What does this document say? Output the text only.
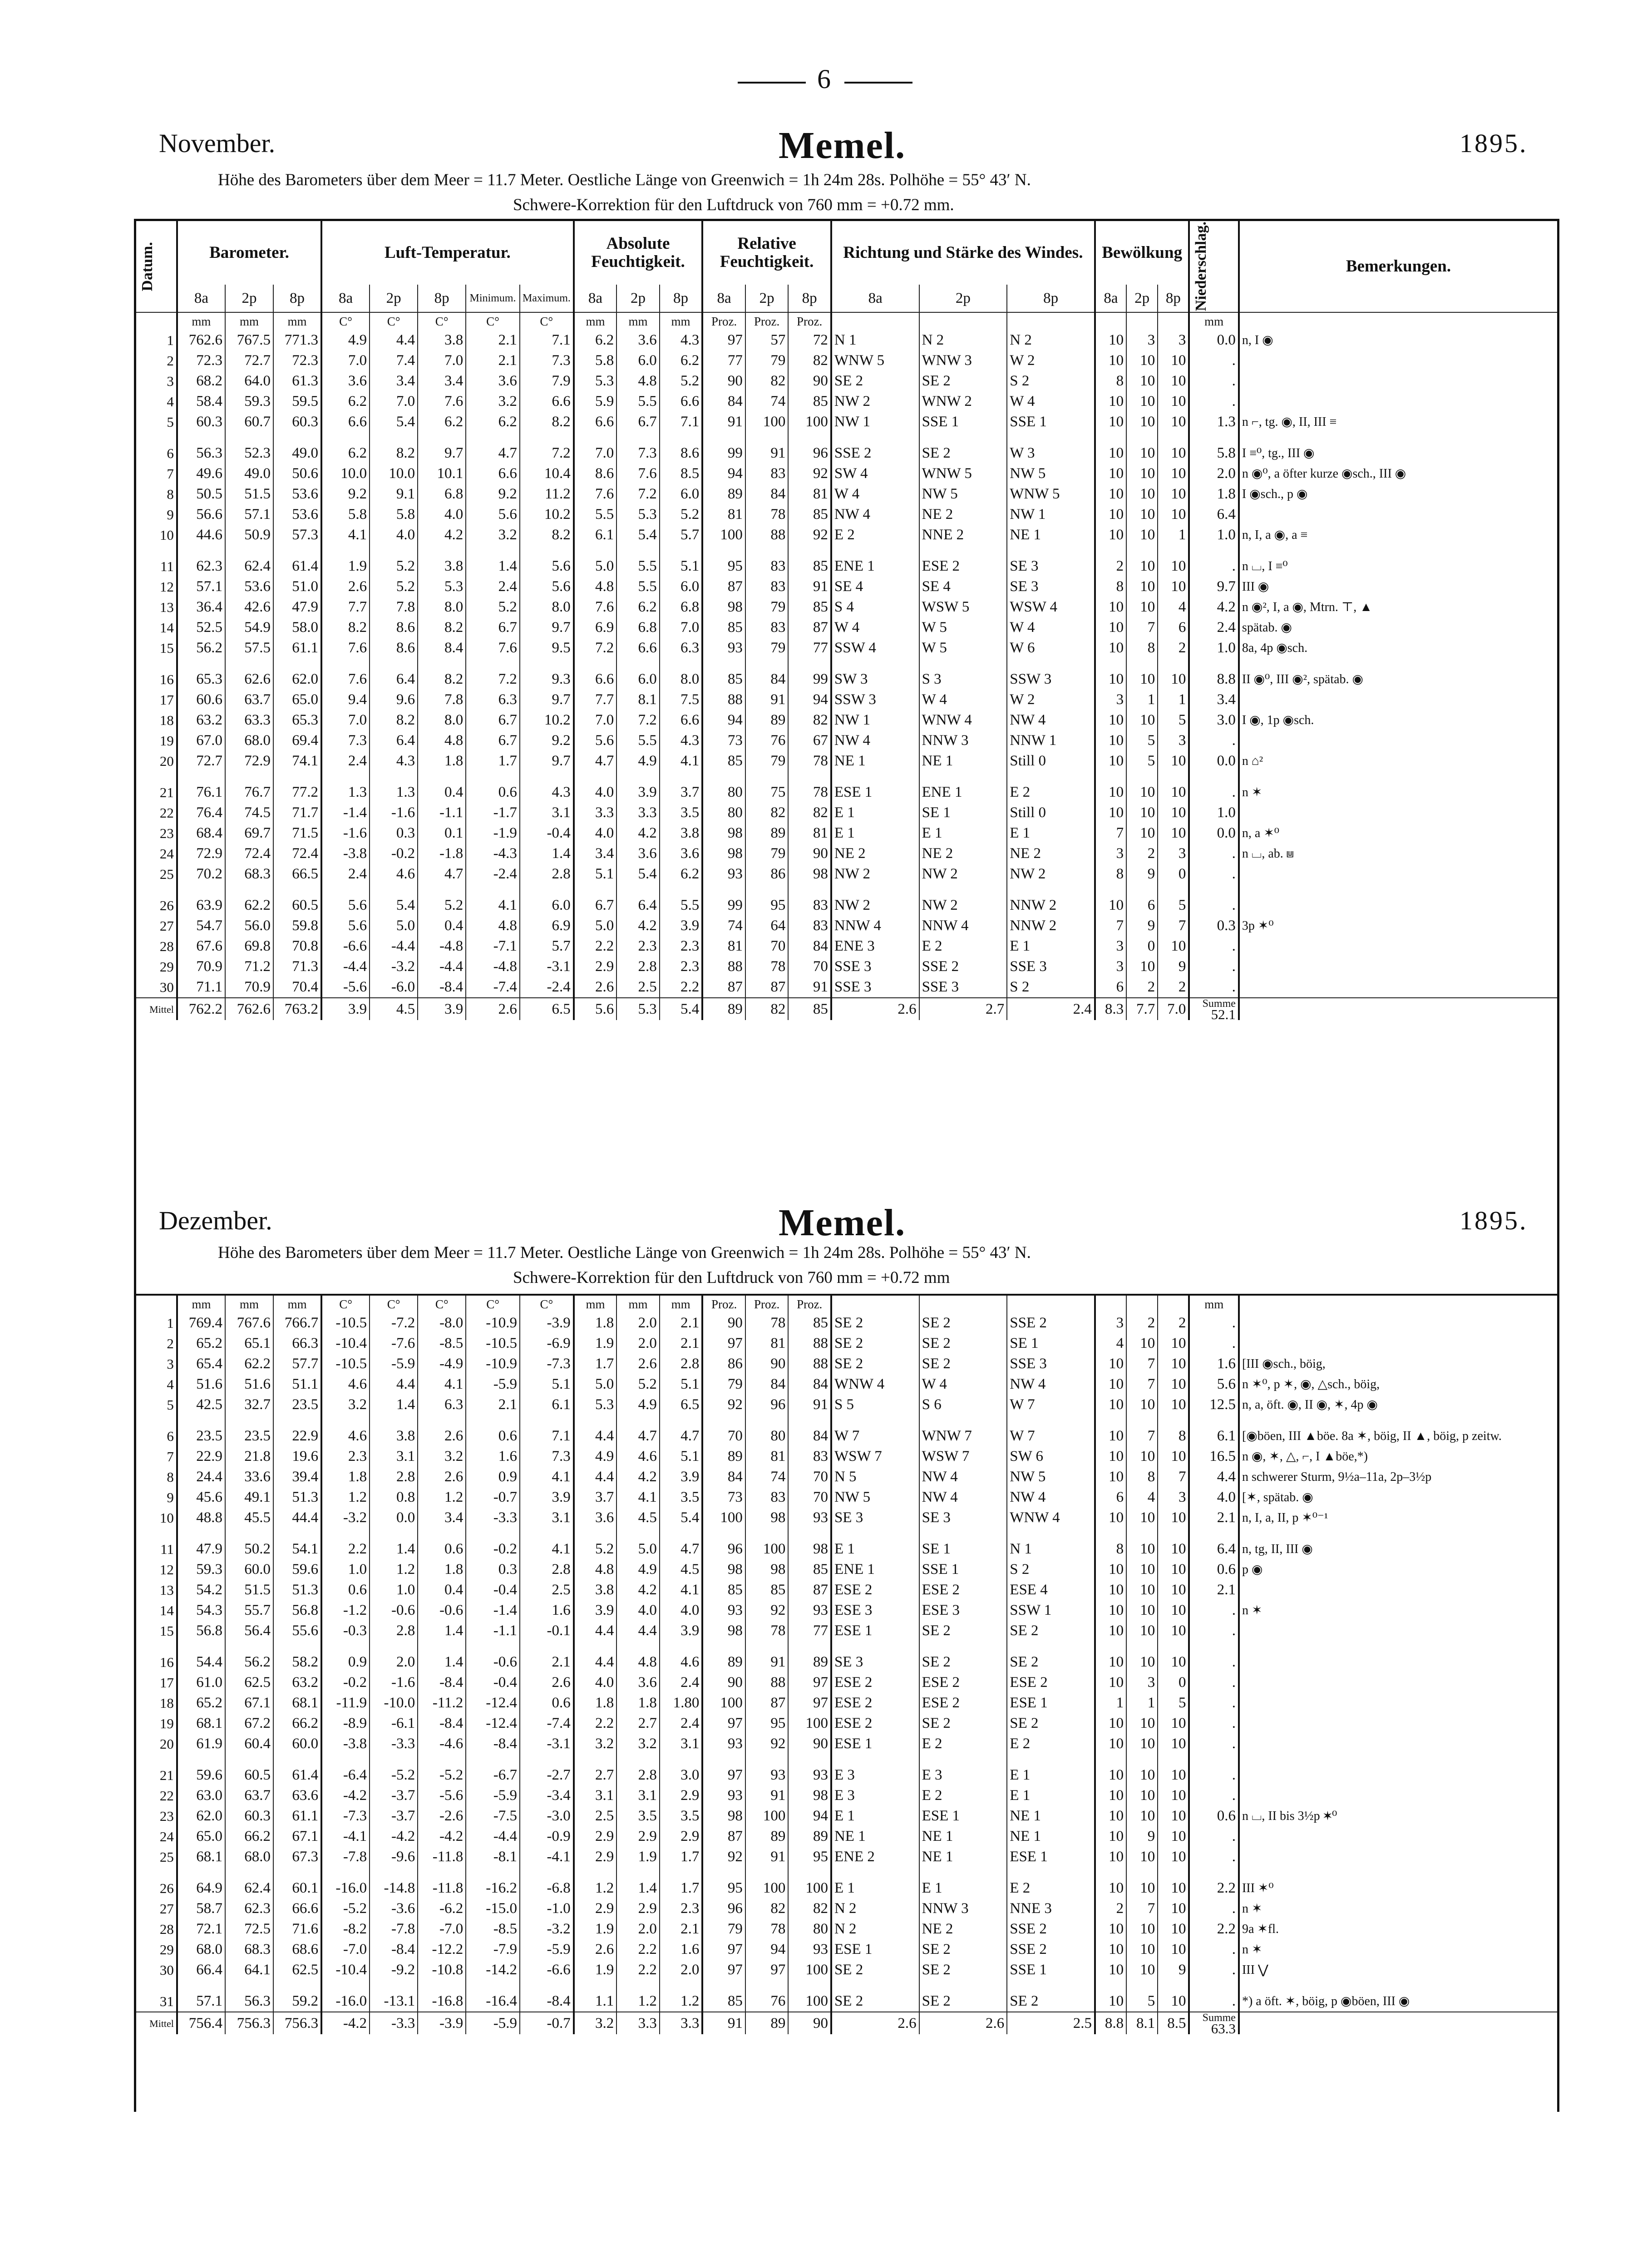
6
November.	Memel.	1895.
Höhe des Barometers über dem Meer = 11.7 Meter. Oestliche Länge von Greenwich = 1h 24m 28s. Polhöhe = 55° 43′ N.
Schwere-Korrektion für den Luftdruck von 760 mm = +0.72 mm.
Datum.	Barometer.			Luft-Temperatur.					Absolute Feuchtigkeit.			Relative Feuchtigkeit.			Richtung und Stärke des Windes.			Bewölkung			Niederschlag.	Bemerkungen.
	8a	2p	8p	8a	2p	8p	Minimum.	Maximum.	8a	2p	8p	8a	2p	8p	8a	2p	8p	8a	2p	8p		
	mm	mm	mm	C°	C°	C°	C°	C°	mm	mm	mm	Proz.	Proz.	Proz.							mm	
1	762.6	767.5	771.3	4.9	4.4	3.8	2.1	7.1	6.2	3.6	4.3	97	57	72	N 1	N 2	N 2	10	3	3	0.0	n, I ◉
2	72.3	72.7	72.3	7.0	7.4	7.0	2.1	7.3	5.8	6.0	6.2	77	79	82	WNW 5	WNW 3	W 2	10	10	10	.	
3	68.2	64.0	61.3	3.6	3.4	3.4	3.6	7.9	5.3	4.8	5.2	90	82	90	SE 2	SE 2	S 2	8	10	10	.	
4	58.4	59.3	59.5	6.2	7.0	7.6	3.2	6.6	5.9	5.5	6.6	84	74	85	NW 2	WNW 2	W 4	10	10	10	.	
5	60.3	60.7	60.3	6.6	5.4	6.2	6.2	8.2	6.6	6.7	7.1	91	100	100	NW 1	SSE 1	SSE 1	10	10	10	1.3	n ⌐, tg. ◉, II, III ≡

6	56.3	52.3	49.0	6.2	8.2	9.7	4.7	7.2	7.0	7.3	8.6	99	91	96	SSE 2	SE 2	W 3	10	10	10	5.8	I ≡⁰, tg., III ◉
7	49.6	49.0	50.6	10.0	10.0	10.1	6.6	10.4	8.6	7.6	8.5	94	83	92	SW 4	WNW 5	NW 5	10	10	10	2.0	n ◉⁰, a öfter kurze ◉sch., III ◉
8	50.5	51.5	53.6	9.2	9.1	6.8	9.2	11.2	7.6	7.2	6.0	89	84	81	W 4	NW 5	WNW 5	10	10	10	1.8	I ◉sch., p ◉
9	56.6	57.1	53.6	5.8	5.8	4.0	5.6	10.2	5.5	5.3	5.2	81	78	85	NW 4	NE 2	NW 1	10	10	10	6.4	
10	44.6	50.9	57.3	4.1	4.0	4.2	3.2	8.2	6.1	5.4	5.7	100	88	92	E 2	NNE 2	NE 1	10	10	1	1.0	n, I, a ◉, a ≡

11	62.3	62.4	61.4	1.9	5.2	3.8	1.4	5.6	5.0	5.5	5.1	95	83	85	ENE 1	ESE 2	SE 3	2	10	10	.	n ⌴, I ≡⁰
12	57.1	53.6	51.0	2.6	5.2	5.3	2.4	5.6	4.8	5.5	6.0	87	83	91	SE 4	SE 4	SE 3	8	10	10	9.7	III ◉
13	36.4	42.6	47.9	7.7	7.8	8.0	5.2	8.0	7.6	6.2	6.8	98	79	85	S 4	WSW 5	WSW 4	10	10	4	4.2	n ◉², I, a ◉, Mtrn. ⊤, ▲
14	52.5	54.9	58.0	8.2	8.6	8.2	6.7	9.7	6.9	6.8	7.0	85	83	87	W 4	W 5	W 4	10	7	6	2.4	spätab. ◉
15	56.2	57.5	61.1	7.6	8.6	8.4	7.6	9.5	7.2	6.6	6.3	93	79	77	SSW 4	W 5	W 6	10	8	2	1.0	8a, 4p ◉sch.

16	65.3	62.6	62.0	7.6	6.4	8.2	7.2	9.3	6.6	6.0	8.0	85	84	99	SW 3	S 3	SSW 3	10	10	10	8.8	II ◉⁰, III ◉², spätab. ◉
17	60.6	63.7	65.0	9.4	9.6	7.8	6.3	9.7	7.7	8.1	7.5	88	91	94	SSW 3	W 4	W 2	3	1	1	3.4	
18	63.2	63.3	65.3	7.0	8.2	8.0	6.7	10.2	7.0	7.2	6.6	94	89	82	NW 1	WNW 4	NW 4	10	10	5	3.0	I ◉, 1p ◉sch.
19	67.0	68.0	69.4	7.3	6.4	4.8	6.7	9.2	5.6	5.5	4.3	73	76	67	NW 4	NNW 3	NNW 1	10	5	3	.	
20	72.7	72.9	74.1	2.4	4.3	1.8	1.7	9.7	4.7	4.9	4.1	85	79	78	NE 1	NE 1	Still 0	10	5	10	0.0	n ⌂²

21	76.1	76.7	77.2	1.3	1.3	0.4	0.6	4.3	4.0	3.9	3.7	80	75	78	ESE 1	ENE 1	E 2	10	10	10	.	n ✶
22	76.4	74.5	71.7	-1.4	-1.6	-1.1	-1.7	3.1	3.3	3.3	3.5	80	82	82	E 1	SE 1	Still 0	10	10	10	1.0	
23	68.4	69.7	71.5	-1.6	0.3	0.1	-1.9	-0.4	4.0	4.2	3.8	98	89	81	E 1	E 1	E 1	7	10	10	0.0	n, a ✶⁰
24	72.9	72.4	72.4	-3.8	-0.2	-1.8	-4.3	1.4	3.4	3.6	3.6	98	79	90	NE 2	NE 2	NE 2	3	2	3	.	n ⌴, ab. ⩏
25	70.2	68.3	66.5	2.4	4.6	4.7	-2.4	2.8	5.1	5.4	6.2	93	86	98	NW 2	NW 2	NW 2	8	9	0	.	

26	63.9	62.2	60.5	5.6	5.4	5.2	4.1	6.0	6.7	6.4	5.5	99	95	83	NW 2	NW 2	NNW 2	10	6	5	.	
27	54.7	56.0	59.8	5.6	5.0	0.4	4.8	6.9	5.0	4.2	3.9	74	64	83	NNW 4	NNW 4	NNW 2	7	9	7	0.3	3p ✶⁰
28	67.6	69.8	70.8	-6.6	-4.4	-4.8	-7.1	5.7	2.2	2.3	2.3	81	70	84	ENE 3	E 2	E 1	3	0	10	.	
29	70.9	71.2	71.3	-4.4	-3.2	-4.4	-4.8	-3.1	2.9	2.8	2.3	88	78	70	SSE 3	SSE 2	SSE 3	3	10	9	.	
30	71.1	70.9	70.4	-5.6	-6.0	-8.4	-7.4	-2.4	2.6	2.5	2.2	87	87	91	SSE 3	SSE 3	S 2	6	2	2	.	
Mittel	762.2	762.6	763.2	3.9	4.5	3.9	2.6	6.5	5.6	5.3	5.4	89	82	85	2.6	2.7	2.4	8.3	7.7	7.0	Summe
52.1	

Dezember.	Memel.	1895.
Höhe des Barometers über dem Meer = 11.7 Meter. Oestliche Länge von Greenwich = 1h 24m 28s. Polhöhe = 55° 43′ N.
Schwere-Korrektion für den Luftdruck von 760 mm = +0.72 mm
	mm	mm	mm	C°	C°	C°	C°	C°	mm	mm	mm	Proz.	Proz.	Proz.							mm	
1	769.4	767.6	766.7	-10.5	-7.2	-8.0	-10.9	-3.9	1.8	2.0	2.1	90	78	85	SE 2	SE 2	SSE 2	3	2	2	.	
2	65.2	65.1	66.3	-10.4	-7.6	-8.5	-10.5	-6.9	1.9	2.0	2.1	97	81	88	SE 2	SE 2	SE 1	4	10	10	.	
3	65.4	62.2	57.7	-10.5	-5.9	-4.9	-10.9	-7.3	1.7	2.6	2.8	86	90	88	SE 2	SE 2	SSE 3	10	7	10	1.6	[III ◉sch., böig,
4	51.6	51.6	51.1	4.6	4.4	4.1	-5.9	5.1	5.0	5.2	5.1	79	84	84	WNW 4	W 4	NW 4	10	7	10	5.6	n ✶⁰, p ✶, ◉, △sch., böig,
5	42.5	32.7	23.5	3.2	1.4	6.3	2.1	6.1	5.3	4.9	6.5	92	96	91	S 5	S 6	W 7	10	10	10	12.5	n, a, öft. ◉, II ◉, ✶, 4p ◉

6	23.5	23.5	22.9	4.6	3.8	2.6	0.6	7.1	4.4	4.7	4.7	70	80	84	W 7	WNW 7	W 7	10	7	8	6.1	[◉böen, III ▲böe. 8a ✶, böig, II ▲, böig, p zeitw.
7	22.9	21.8	19.6	2.3	3.1	3.2	1.6	7.3	4.9	4.6	5.1	89	81	83	WSW 7	WSW 7	SW 6	10	10	10	16.5	n ◉, ✶, △, ⌐, I ▲böe,*)
8	24.4	33.6	39.4	1.8	2.8	2.6	0.9	4.1	4.4	4.2	3.9	84	74	70	N 5	NW 4	NW 5	10	8	7	4.4	n schwerer Sturm, 9½a–11a, 2p–3½p
9	45.6	49.1	51.3	1.2	0.8	1.2	-0.7	3.9	3.7	4.1	3.5	73	83	70	NW 5	NW 4	NW 4	6	4	3	4.0	[✶, spätab. ◉
10	48.8	45.5	44.4	-3.2	0.0	3.4	-3.3	3.1	3.6	4.5	5.4	100	98	93	SE 3	SE 3	WNW 4	10	10	10	2.1	n, I, a, II, p ✶⁰⁻¹

11	47.9	50.2	54.1	2.2	1.4	0.6	-0.2	4.1	5.2	5.0	4.7	96	100	98	E 1	SE 1	N 1	8	10	10	6.4	n, tg, II, III ◉
12	59.3	60.0	59.6	1.0	1.2	1.8	0.3	2.8	4.8	4.9	4.5	98	98	85	ENE 1	SSE 1	S 2	10	10	10	0.6	p ◉
13	54.2	51.5	51.3	0.6	1.0	0.4	-0.4	2.5	3.8	4.2	4.1	85	85	87	ESE 2	ESE 2	ESE 4	10	10	10	2.1	
14	54.3	55.7	56.8	-1.2	-0.6	-0.6	-1.4	1.6	3.9	4.0	4.0	93	92	93	ESE 3	ESE 3	SSW 1	10	10	10	.	n ✶
15	56.8	56.4	55.6	-0.3	2.8	1.4	-1.1	-0.1	4.4	4.4	3.9	98	78	77	ESE 1	SE 2	SE 2	10	10	10	.	

16	54.4	56.2	58.2	0.9	2.0	1.4	-0.6	2.1	4.4	4.8	4.6	89	91	89	SE 3	SE 2	SE 2	10	10	10	.	
17	61.0	62.5	63.2	-0.2	-1.6	-8.4	-0.4	2.6	4.0	3.6	2.4	90	88	97	ESE 2	ESE 2	ESE 2	10	3	0	.	
18	65.2	67.1	68.1	-11.9	-10.0	-11.2	-12.4	0.6	1.8	1.8	1.80	100	87	97	ESE 2	ESE 2	ESE 1	1	1	5	.	
19	68.1	67.2	66.2	-8.9	-6.1	-8.4	-12.4	-7.4	2.2	2.7	2.4	97	95	100	ESE 2	SE 2	SE 2	10	10	10	.	
20	61.9	60.4	60.0	-3.8	-3.3	-4.6	-8.4	-3.1	3.2	3.2	3.1	93	92	90	ESE 1	E 2	E 2	10	10	10	.	

21	59.6	60.5	61.4	-6.4	-5.2	-5.2	-6.7	-2.7	2.7	2.8	3.0	97	93	93	E 3	E 3	E 1	10	10	10	.	
22	63.0	63.7	63.6	-4.2	-3.7	-5.6	-5.9	-3.4	3.1	3.1	2.9	93	91	98	E 3	E 2	E 1	10	10	10	.	
23	62.0	60.3	61.1	-7.3	-3.7	-2.6	-7.5	-3.0	2.5	3.5	3.5	98	100	94	E 1	ESE 1	NE 1	10	10	10	0.6	n ⌴, II bis 3½p ✶⁰
24	65.0	66.2	67.1	-4.1	-4.2	-4.2	-4.4	-0.9	2.9	2.9	2.9	87	89	89	NE 1	NE 1	NE 1	10	9	10	.	
25	68.1	68.0	67.3	-7.8	-9.6	-11.8	-8.1	-4.1	2.9	1.9	1.7	92	91	95	ENE 2	NE 1	ESE 1	10	10	10	.	

26	64.9	62.4	60.1	-16.0	-14.8	-11.8	-16.2	-6.8	1.2	1.4	1.7	95	100	100	E 1	E 1	E 2	10	10	10	2.2	III ✶⁰
27	58.7	62.3	66.6	-5.2	-3.6	-6.2	-15.0	-1.0	2.9	2.9	2.3	96	82	82	N 2	NNW 3	NNE 3	2	7	10	.	n ✶
28	72.1	72.5	71.6	-8.2	-7.8	-7.0	-8.5	-3.2	1.9	2.0	2.1	79	78	80	N 2	NE 2	SSE 2	10	10	10	2.2	9a ✶fl.
29	68.0	68.3	68.6	-7.0	-8.4	-12.2	-7.9	-5.9	2.6	2.2	1.6	97	94	93	ESE 1	SE 2	SSE 2	10	10	10	.	n ✶
30	66.4	64.1	62.5	-10.4	-9.2	-10.8	-14.2	-6.6	1.9	2.2	2.0	97	97	100	SE 2	SE 2	SSE 1	10	10	9	.	III ⋁

31	57.1	56.3	59.2	-16.0	-13.1	-16.8	-16.4	-8.4	1.1	1.2	1.2	85	76	100	SE 2	SE 2	SE 2	10	5	10	.	*) a öft. ✶, böig, p ◉böen, III ◉
Mittel	756.4	756.3	756.3	-4.2	-3.3	-3.9	-5.9	-0.7	3.2	3.3	3.3	91	89	90	2.6	2.6	2.5	8.8	8.1	8.5	Summe
63.3	
